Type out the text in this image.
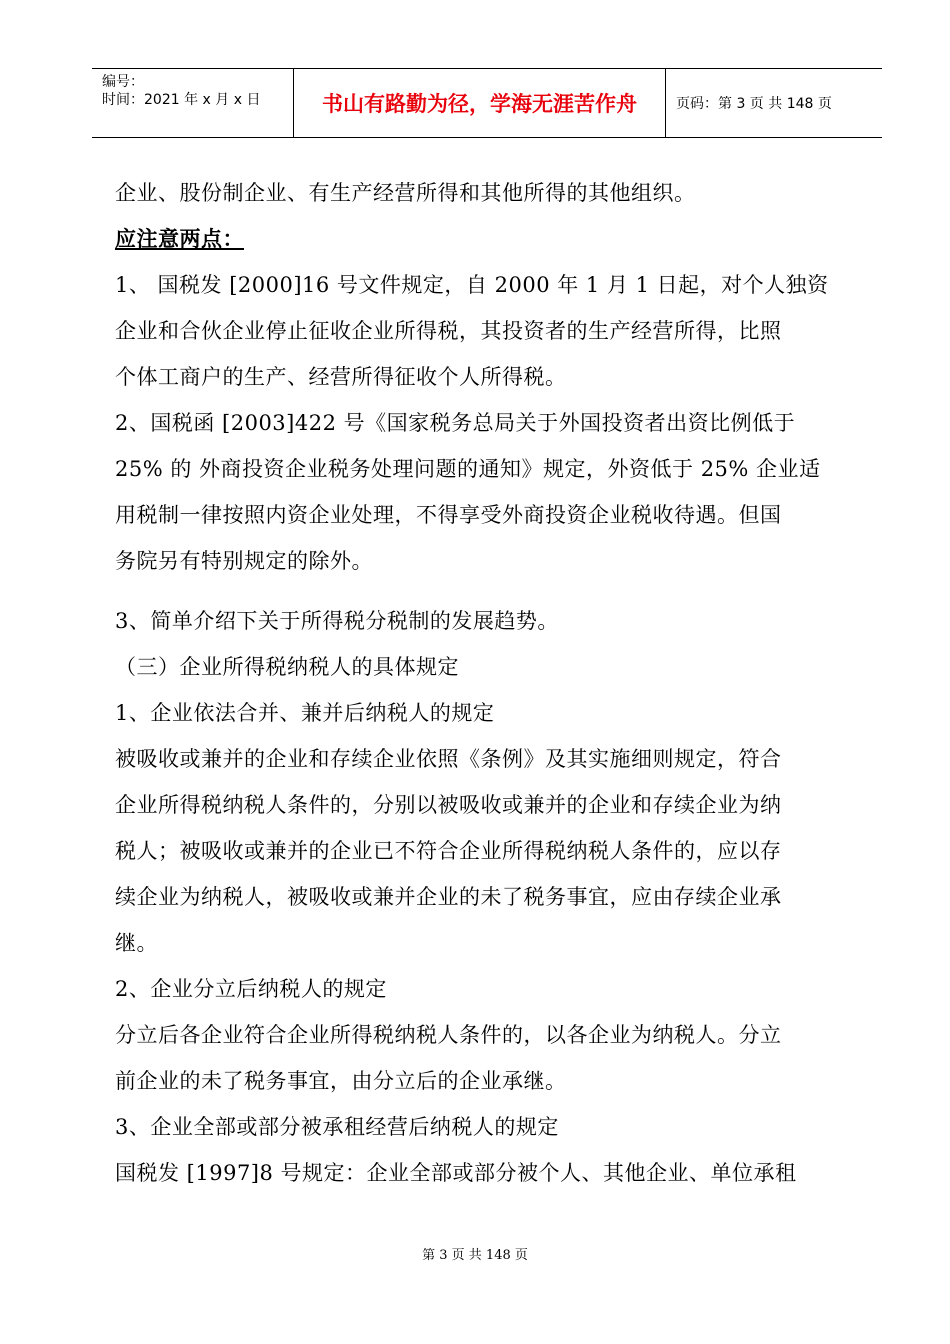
编号：
时间：2021 年 x 月 x 日	书山有路勤为径，学海无涯苦作舟	页码：第 3 页 共 148 页
企业、股份制企业、有生产经营所得和其他所得的其他组织。
应注意两点：
1、 国税发 [2000]16 号文件规定，自 2000 年 1 月 1 日起，对个人独资
企业和合伙企业停止征收企业所得税，其投资者的生产经营所得，比照
个体工商户的生产、经营所得征收个人所得税。
2、国税函 [2003]422 号《国家税务总局关于外国投资者出资比例低于
25% 的 外商投资企业税务处理问题的通知》规定，外资低于 25% 企业适
用税制一律按照内资企业处理，不得享受外商投资企业税收待遇。但国
务院另有特别规定的除外。
3、简单介绍下关于所得税分税制的发展趋势。
（三）企业所得税纳税人的具体规定
1、企业依法合并、兼并后纳税人的规定
被吸收或兼并的企业和存续企业依照《条例》及其实施细则规定，符合
企业所得税纳税人条件的，分别以被吸收或兼并的企业和存续企业为纳
税人；被吸收或兼并的企业已不符合企业所得税纳税人条件的，应以存
续企业为纳税人，被吸收或兼并企业的未了税务事宜，应由存续企业承
继。
2、企业分立后纳税人的规定
分立后各企业符合企业所得税纳税人条件的，以各企业为纳税人。分立
前企业的未了税务事宜，由分立后的企业承继。
3、企业全部或部分被承租经营后纳税人的规定
国税发 [1997]8 号规定：企业全部或部分被个人、其他企业、单位承租
第 3 页 共 148 页
